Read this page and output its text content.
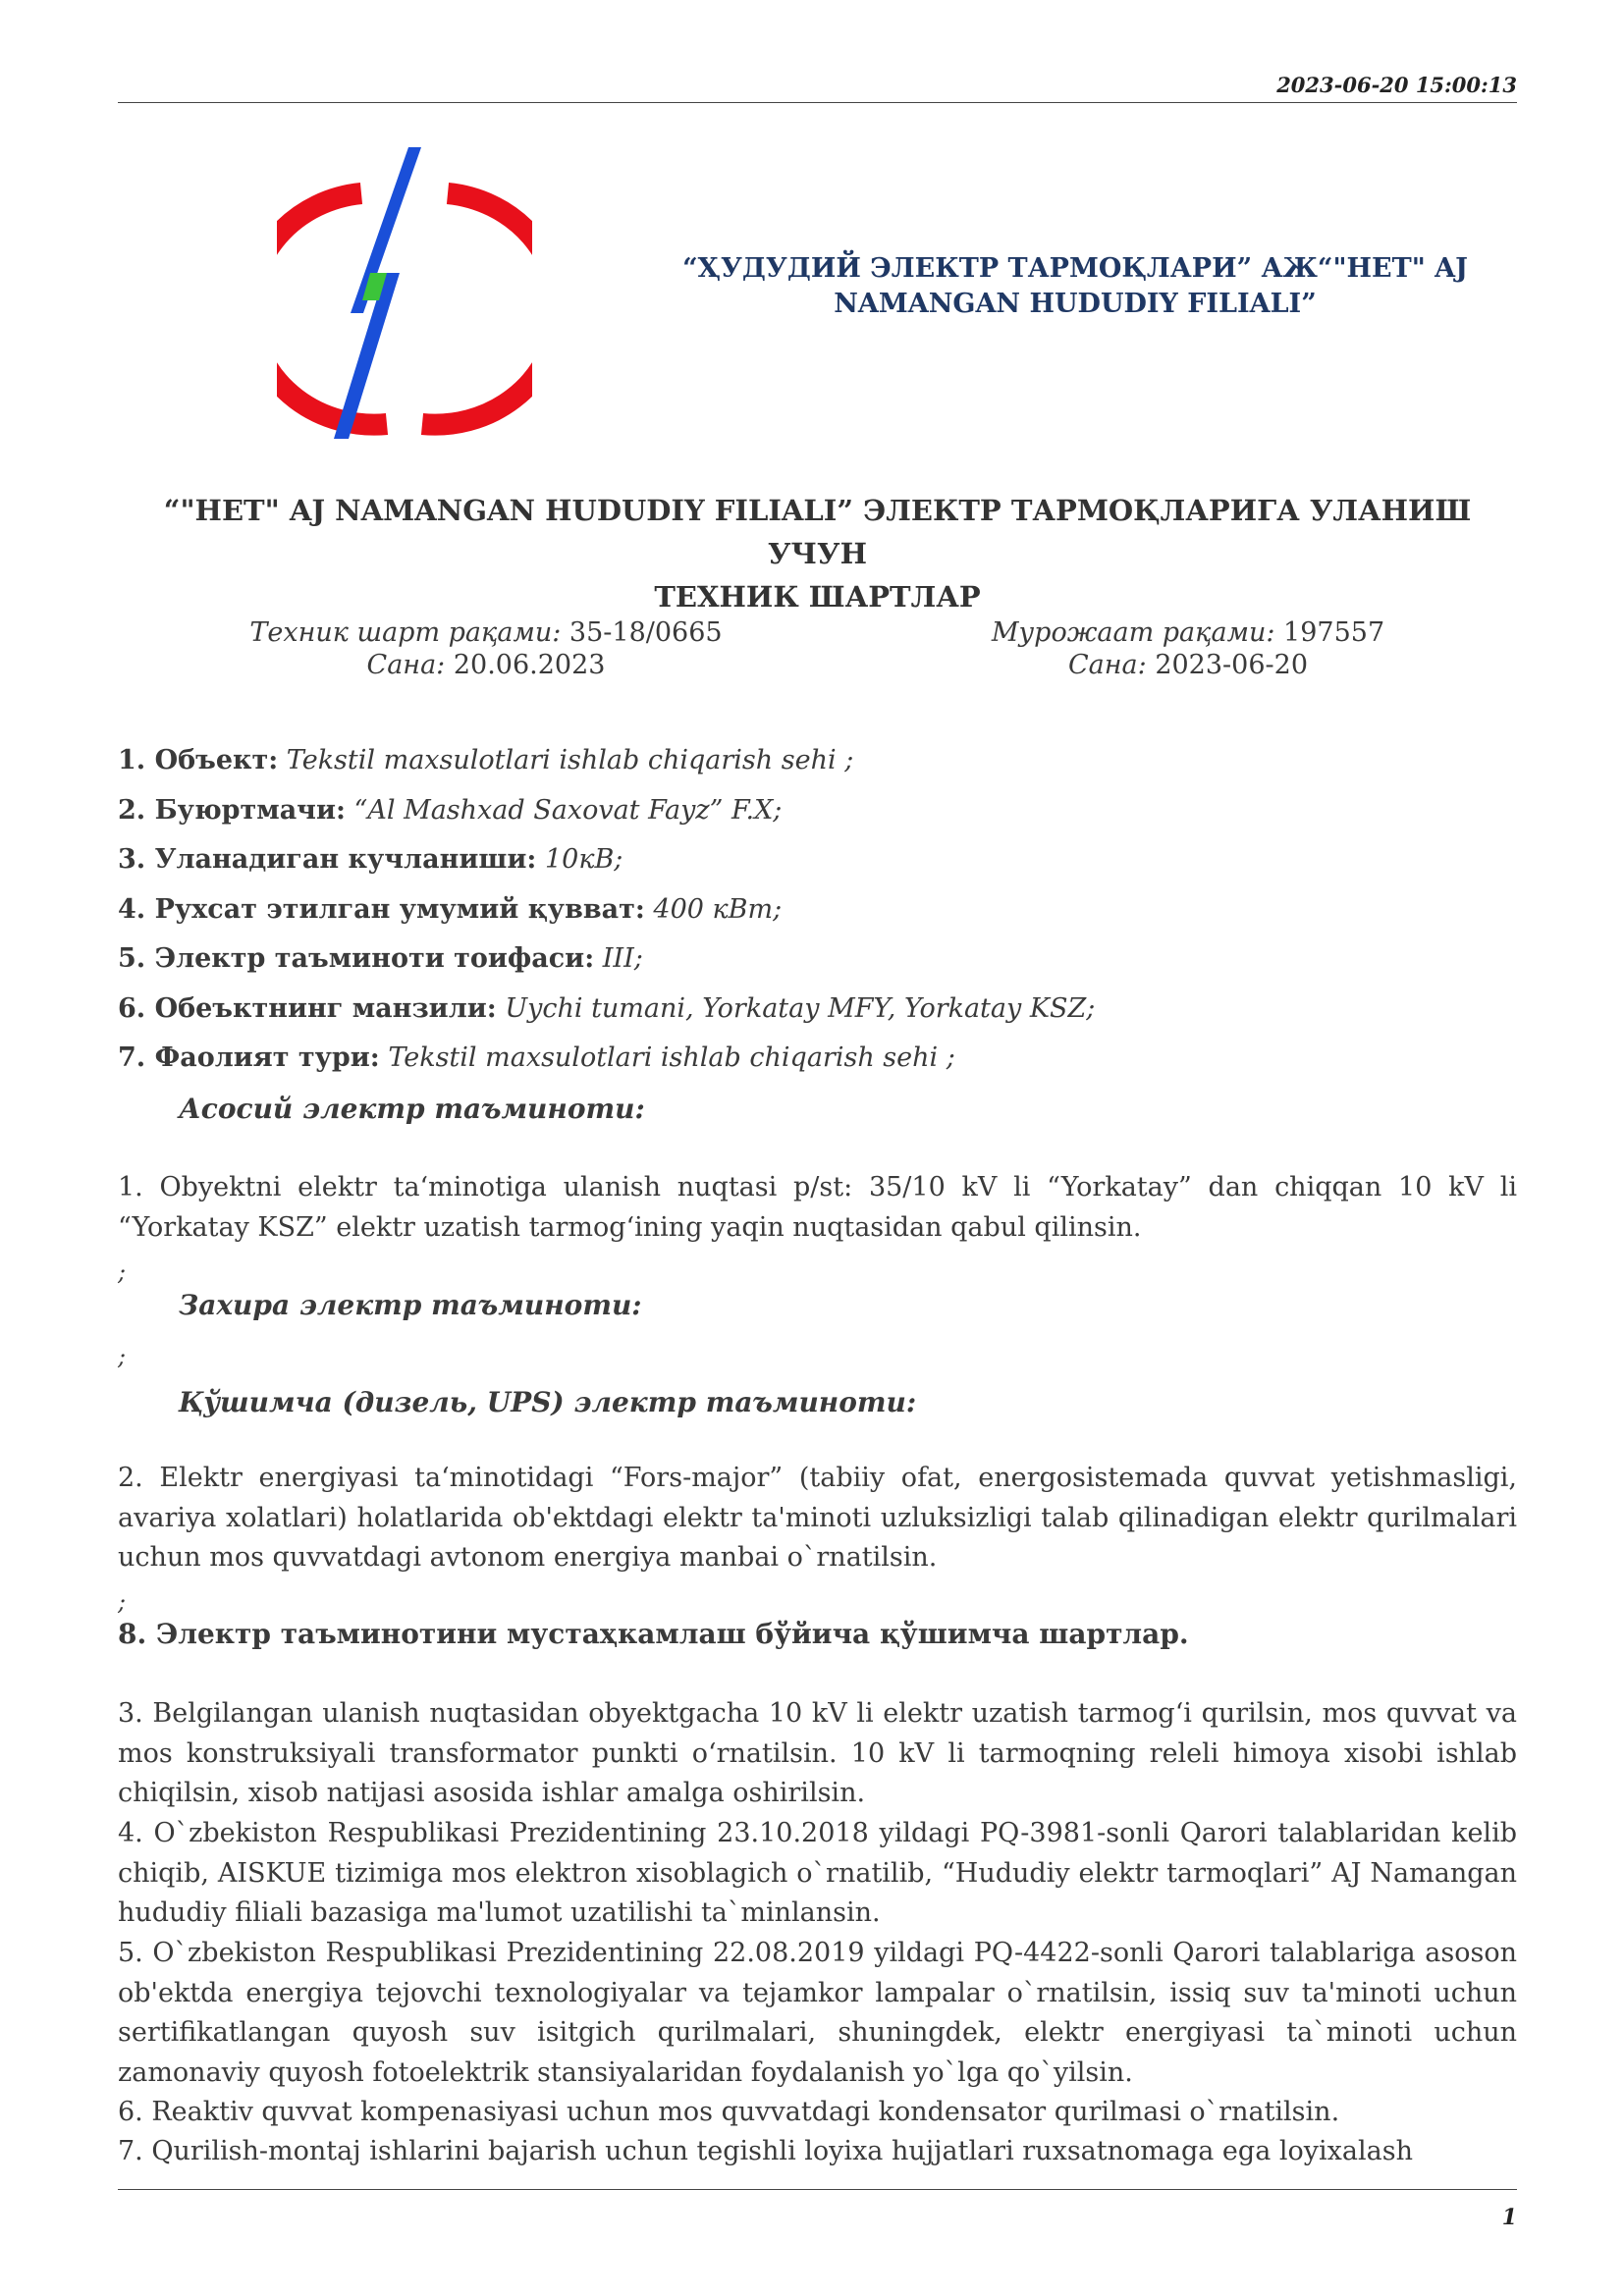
2023-06-20 15:00:13
“ҲУДУДИЙ ЭЛЕКТР ТАРМОҚЛАРИ” АЖ“"НЕТ" AJ
NAMANGAN HUDUDIY FILIALI”
“"НЕТ" AJ NAMANGAN HUDUDIY FILIALI” ЭЛЕКТР ТАРМОҚЛАРИГА УЛАНИШ УЧУН
ТЕХНИК ШАРТЛАР
Техник шарт рақами: 35-18/0665
Сана: 20.06.2023
Мурожаат рақами: 197557
Сана: 2023-06-20
1. Объект: Tekstil maxsulotlari ishlab chiqarish sehi ;
2. Буюртмачи: “Al Mashxad Saxovat Fayz” F.X;
3. Уланадиган кучланиши: 10кВ;
4. Рухсат этилган умумий қувват: 400 кВт;
5. Электр таъминоти тоифаси: III;
6. Обеъктнинг манзили: Uychi tumani, Yorkatay MFY, Yorkatay KSZ;
7. Фаолият тури: Tekstil maxsulotlari ishlab chiqarish sehi ;
Асосий электр таъминоти:
1. Obyektni elektr taʻminotiga ulanish nuqtasi p/st: 35/10 kV li “Yorkatay” dan chiqqan 10 kV li “Yorkatay KSZ” elektr uzatish tarmogʻining yaqin nuqtasidan qabul qilinsin.
;
Захира электр таъминоти:
;
Қўшимча (дизель, UPS) электр таъминоти:
2. Elektr energiyasi taʻminotidagi “Fors-major” (tabiiy ofat, energosistemada quvvat yetishmasligi, avariya xolatlari) holatlarida ob'ektdagi elektr ta'minoti uzluksizligi talab qilinadigan elektr qurilmalari uchun mos quvvatdagi avtonom energiya manbai o`rnatilsin.
;
8. Электр таъминотини мустаҳкамлаш бўйича қўшимча шартлар.
3. Belgilangan ulanish nuqtasidan obyektgacha 10 kV li elektr uzatish tarmogʻi qurilsin, mos quvvat va mos konstruksiyali transformator punkti oʻrnatilsin. 10 kV li tarmoqning releli himoya xisobi ishlab chiqilsin, xisob natijasi asosida ishlar amalga oshirilsin.
4. O`zbekiston Respublikasi Prezidentining 23.10.2018 yildagi PQ-3981-sonli Qarori talablaridan kelib chiqib, AISKUE tizimiga mos elektron xisoblagich o`rnatilib, “Hududiy elektr tarmoqlari” AJ Namangan hududiy filiali bazasiga ma'lumot uzatilishi ta`minlansin.
5. O`zbekiston Respublikasi Prezidentining 22.08.2019 yildagi PQ-4422-sonli Qarori talablariga asoson ob'ektda energiya tejovchi texnologiyalar va tejamkor lampalar o`rnatilsin, issiq suv ta'minoti uchun sertifikatlangan quyosh suv isitgich qurilmalari, shuningdek, elektr energiyasi ta`minoti uchun zamonaviy quyosh fotoelektrik stansiyalaridan foydalanish yo`lga qo`yilsin.
6. Reaktiv quvvat kompenasiyasi uchun mos quvvatdagi kondensator qurilmasi o`rnatilsin.
7. Qurilish-montaj ishlarini bajarish uchun tegishli loyixa hujjatlari ruxsatnomaga ega loyixalash
1
